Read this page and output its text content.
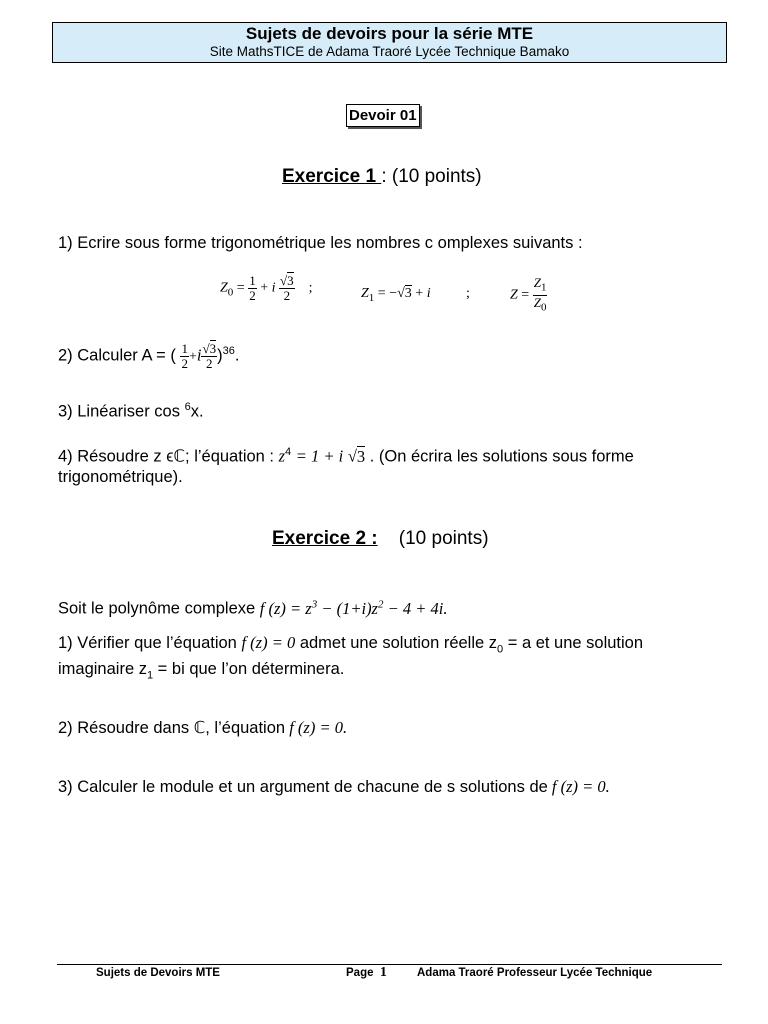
Sujets de devoirs pour la série MTE
Site MathsTICE de Adama Traoré Lycée Technique Bamako
Devoir 01
Exercice 1 : (10 points)
1) Ecrire sous forme trigonométrique les nombres c omplexes suivants :
$Z_0 = \frac{1}{2} + i \frac{√3}{2}$ ;	$Z_1 = -√3 + i$	;	$Z = \frac{Z_1}{Z_0}$
2) Calculer A = ( $\frac{1}{2} +i \frac{√3}{2} )^{36}$.
3) Linéariser cos $^6$x.
4) Résoudre z ϵℂ; l’équation : $z^4 = 1 + i$ √3 . (On écrira les solutions sous forme
trigonométrique).
Exercice 2 : (10 points)
Soit le polynôme complexe f $(z) = z^3 - (1+i)z^2 - 4 + 4i$.
1) Vérifier que l’équation f (z) = 0 admet une solution réelle $z_0 = a$ et une solution
imaginaire $z_1$ = bi que l’on déterminera.
2) Résoudre dans ℂ, l’équation f (z) = 0.
3) Calculer le module et un argument de chacune de s solutions de f (z) = 0.
Sujets de Devoirs MTE	Page 1	Adama Traoré Professeur Lycée Technique
